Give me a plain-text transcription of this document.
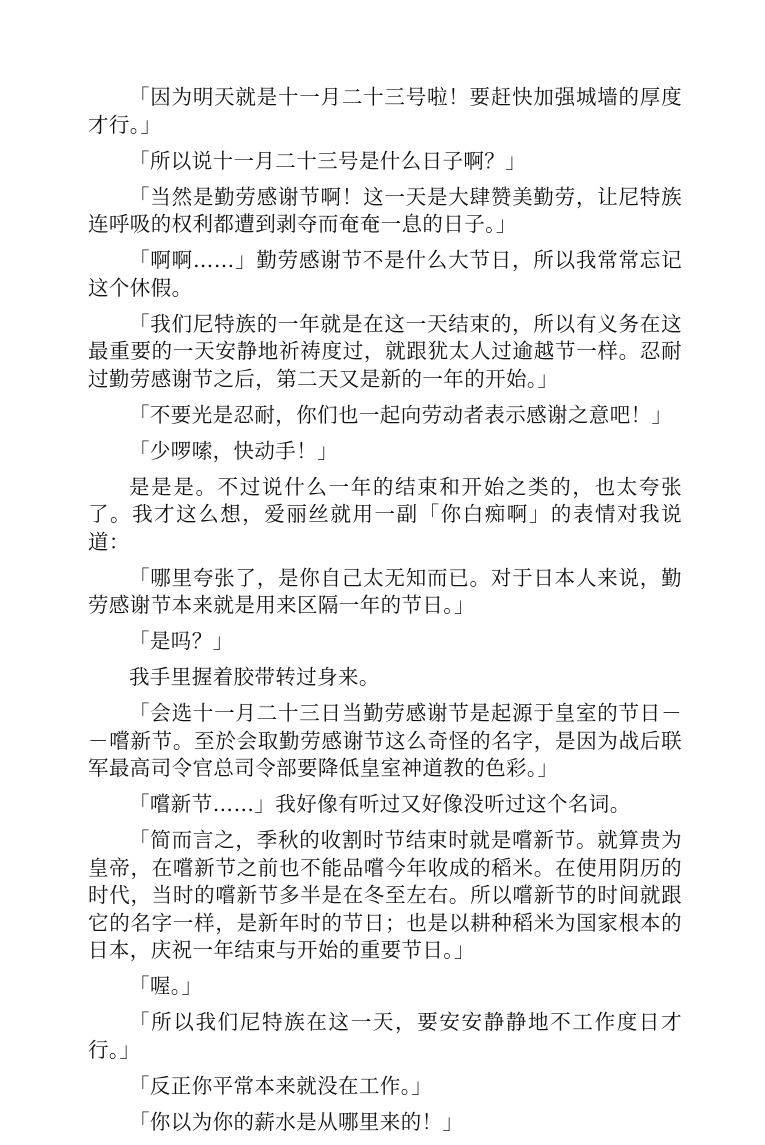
「因为明天就是十一月二十三号啦！要赶快加强城墙的厚度才行。」

「所以说十一月二十三号是什么日子啊？」

「当然是勤劳感谢节啊！这一天是大肆赞美勤劳，让尼特族连呼吸的权利都遭到剥夺而奄奄一息的日子。」

「啊啊……」勤劳感谢节不是什么大节日，所以我常常忘记这个休假。

「我们尼特族的一年就是在这一天结束的，所以有义务在这最重要的一天安静地祈祷度过，就跟犹太人过逾越节一样。忍耐过勤劳感谢节之后，第二天又是新的一年的开始。」

「不要光是忍耐，你们也一起向劳动者表示感谢之意吧！」

「少啰嗦，快动手！」

是是是。不过说什么一年的结束和开始之类的，也太夸张了。我才这么想，爱丽丝就用一副「你白痴啊」的表情对我说道：

「哪里夸张了，是你自己太无知而已。对于日本人来说，勤劳感谢节本来就是用来区隔一年的节日。」

「是吗？」

我手里握着胶带转过身来。

「会选十一月二十三日当勤劳感谢节是起源于皇室的节日－－嚐新节。至於会取勤劳感谢节这么奇怪的名字，是因为战后联军最高司令官总司令部要降低皇室神道教的色彩。」

「嚐新节……」我好像有听过又好像没听过这个名词。

「简而言之，季秋的收割时节结束时就是嚐新节。就算贵为皇帝，在嚐新节之前也不能品嚐今年收成的稻米。在使用阴历的时代，当时的嚐新节多半是在冬至左右。所以嚐新节的时间就跟它的名字一样，是新年时的节日；也是以耕种稻米为国家根本的日本，庆祝一年结束与开始的重要节日。」

「喔。」

「所以我们尼特族在这一天，要安安静静地不工作度日才行。」

「反正你平常本来就没在工作。」

「你以为你的薪水是从哪里来的！」
